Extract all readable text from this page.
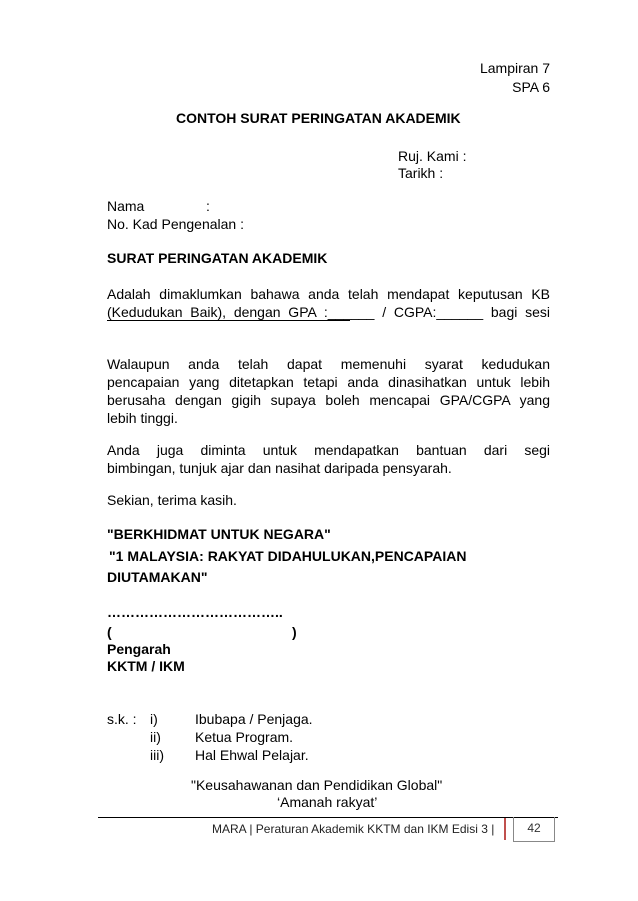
Lampiran 7
SPA 6
CONTOH SURAT PERINGATAN AKADEMIK
Ruj. Kami :
Tarikh :
Nama	:
No. Kad Pengenalan :
SURAT PERINGATAN AKADEMIK
Adalah dimaklumkan bahawa anda telah mendapat keputusan KB
(Kedudukan Baik), dengan GPA :______ / CGPA:______ bagi sesi
Walaupun anda telah dapat memenuhi syarat kedudukan
pencapaian yang ditetapkan tetapi anda dinasihatkan untuk lebih
berusaha dengan gigih supaya boleh mencapai GPA/CGPA yang
lebih tinggi.
Anda juga diminta untuk mendapatkan bantuan dari segi
bimbingan, tunjuk ajar dan nasihat daripada pensyarah.
Sekian, terima kasih.
"BERKHIDMAT UNTUK NEGARA"
"1 MALAYSIA: RAKYAT DIDAHULUKAN,PENCAPAIAN
DIUTAMAKAN"
………………………………..
(	)
Pengarah
KKTM / IKM
s.k. : i)	Ibubapa / Penjaga.
ii) Ketua Program.
iii) Hal Ehwal Pelajar.
"Keusahawanan dan Pendidikan Global"
‘Amanah rakyat’
MARA | Peraturan Akademik KKTM dan IKM Edisi 3 |	42
